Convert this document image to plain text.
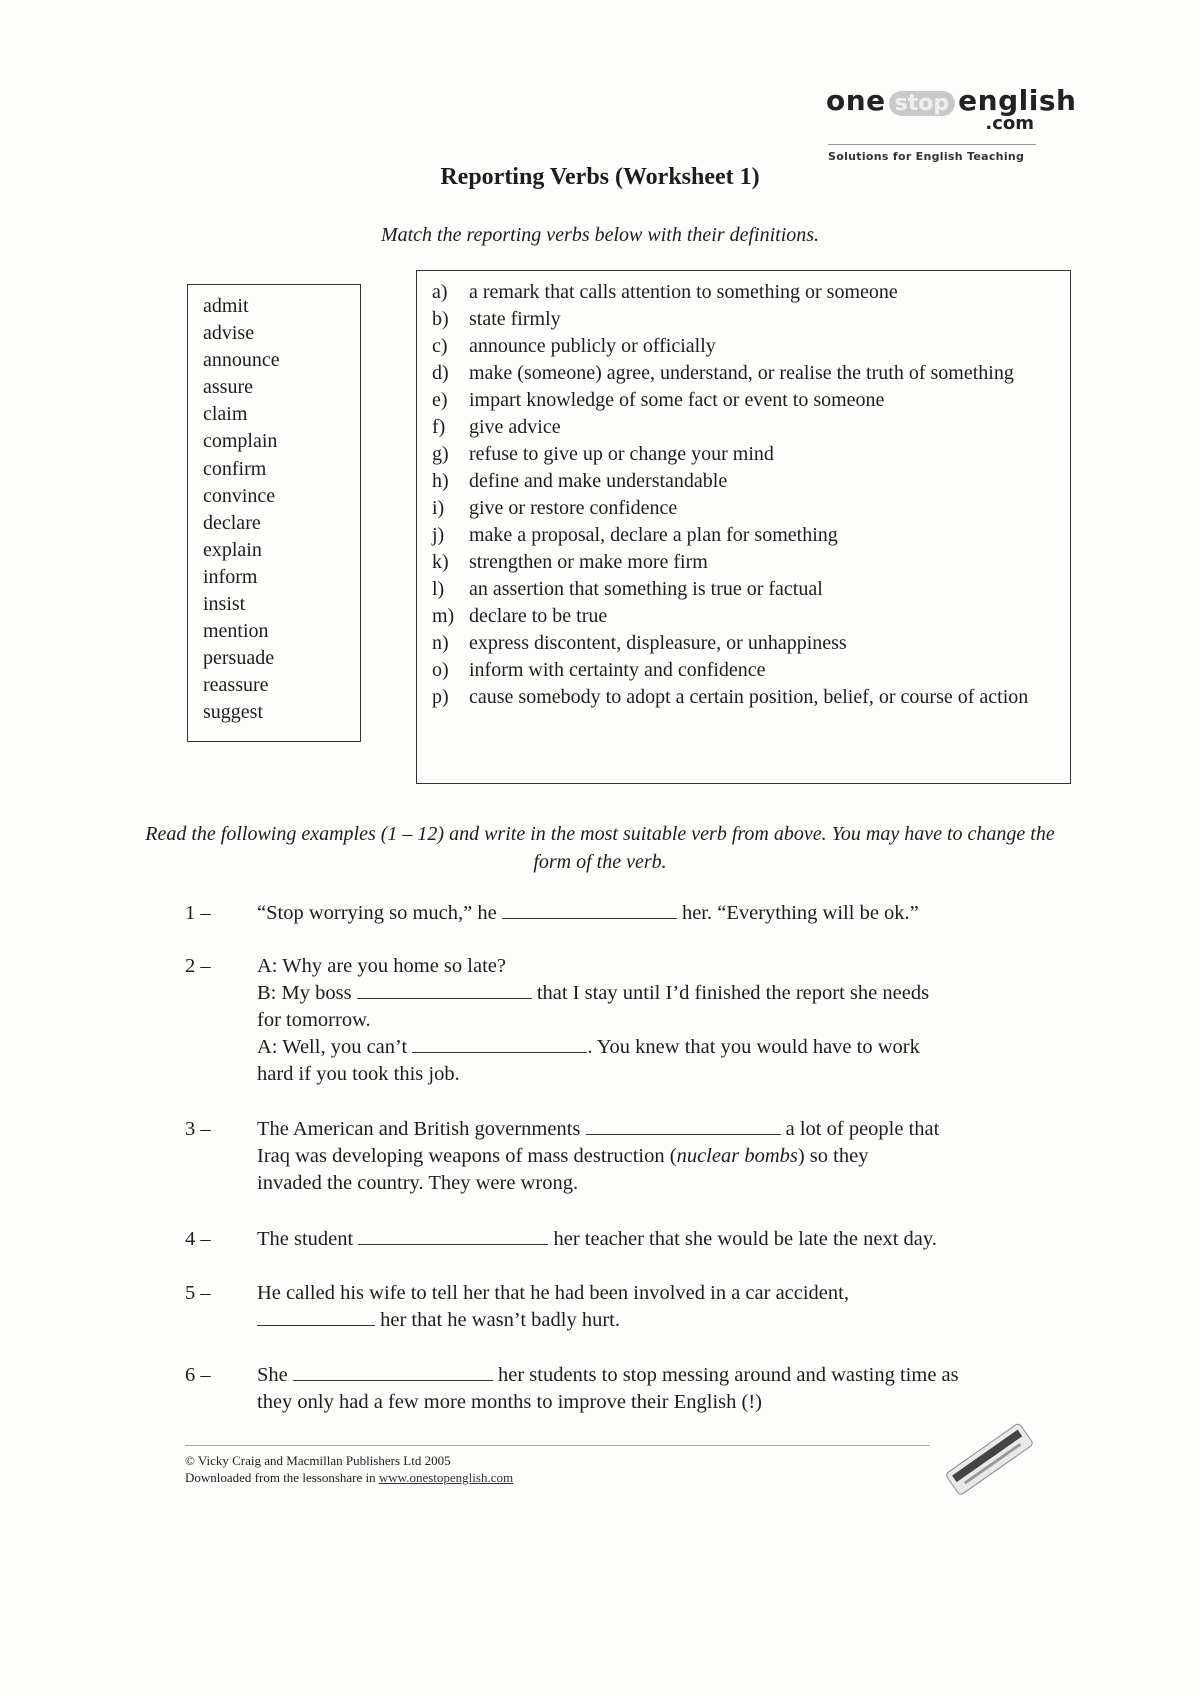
one stop english
.com
Solutions for English Teaching
Reporting Verbs (Worksheet 1)
Match the reporting verbs below with their definitions.
admit
advise
announce
assure
claim
complain
confirm
convince
declare
explain
inform
insist
mention
persuade
reassure
suggest
a)	a remark that calls attention to something or someone
b)	state firmly
c)	announce publicly or officially
d)	make (someone) agree, understand, or realise the truth of something
e)	impart knowledge of some fact or event to someone
f)	give advice
g)	refuse to give up or change your mind
h)	define and make understandable
i)	give or restore confidence
j)	make a proposal, declare a plan for something
k)	strengthen or make more firm
l)	an assertion that something is true or factual
m) declare to be true
n)	express discontent, displeasure, or unhappiness
o)	inform with certainty and confidence
p)	cause somebody to adopt a certain position, belief, or course of action
Read the following examples (1 – 12) and write in the most suitable verb from above. You may have to change the form of the verb.
1 –	“Stop worrying so much,” he	her. “Everything will be ok.”
2 –	A: Why are you home so late?
B: My boss	that I stay until I’d finished the report she needs
for tomorrow.
A: Well, you can’t	. You knew that you would have to work
hard if you took this job.
3 –	The American and British governments	a lot of people that
Iraq was developing weapons of mass destruction (nuclear bombs) so they
invaded the country. They were wrong.
4 –	The student	her teacher that she would be late the next day.
5 –	He called his wife to tell her that he had been involved in a car accident,
her that he wasn’t badly hurt.
6 –	She	her students to stop messing around and wasting time as
they only had a few more months to improve their English (!)
© Vicky Craig and Macmillan Publishers Ltd 2005
Downloaded from the lessonshare in www.onestopenglish.com
